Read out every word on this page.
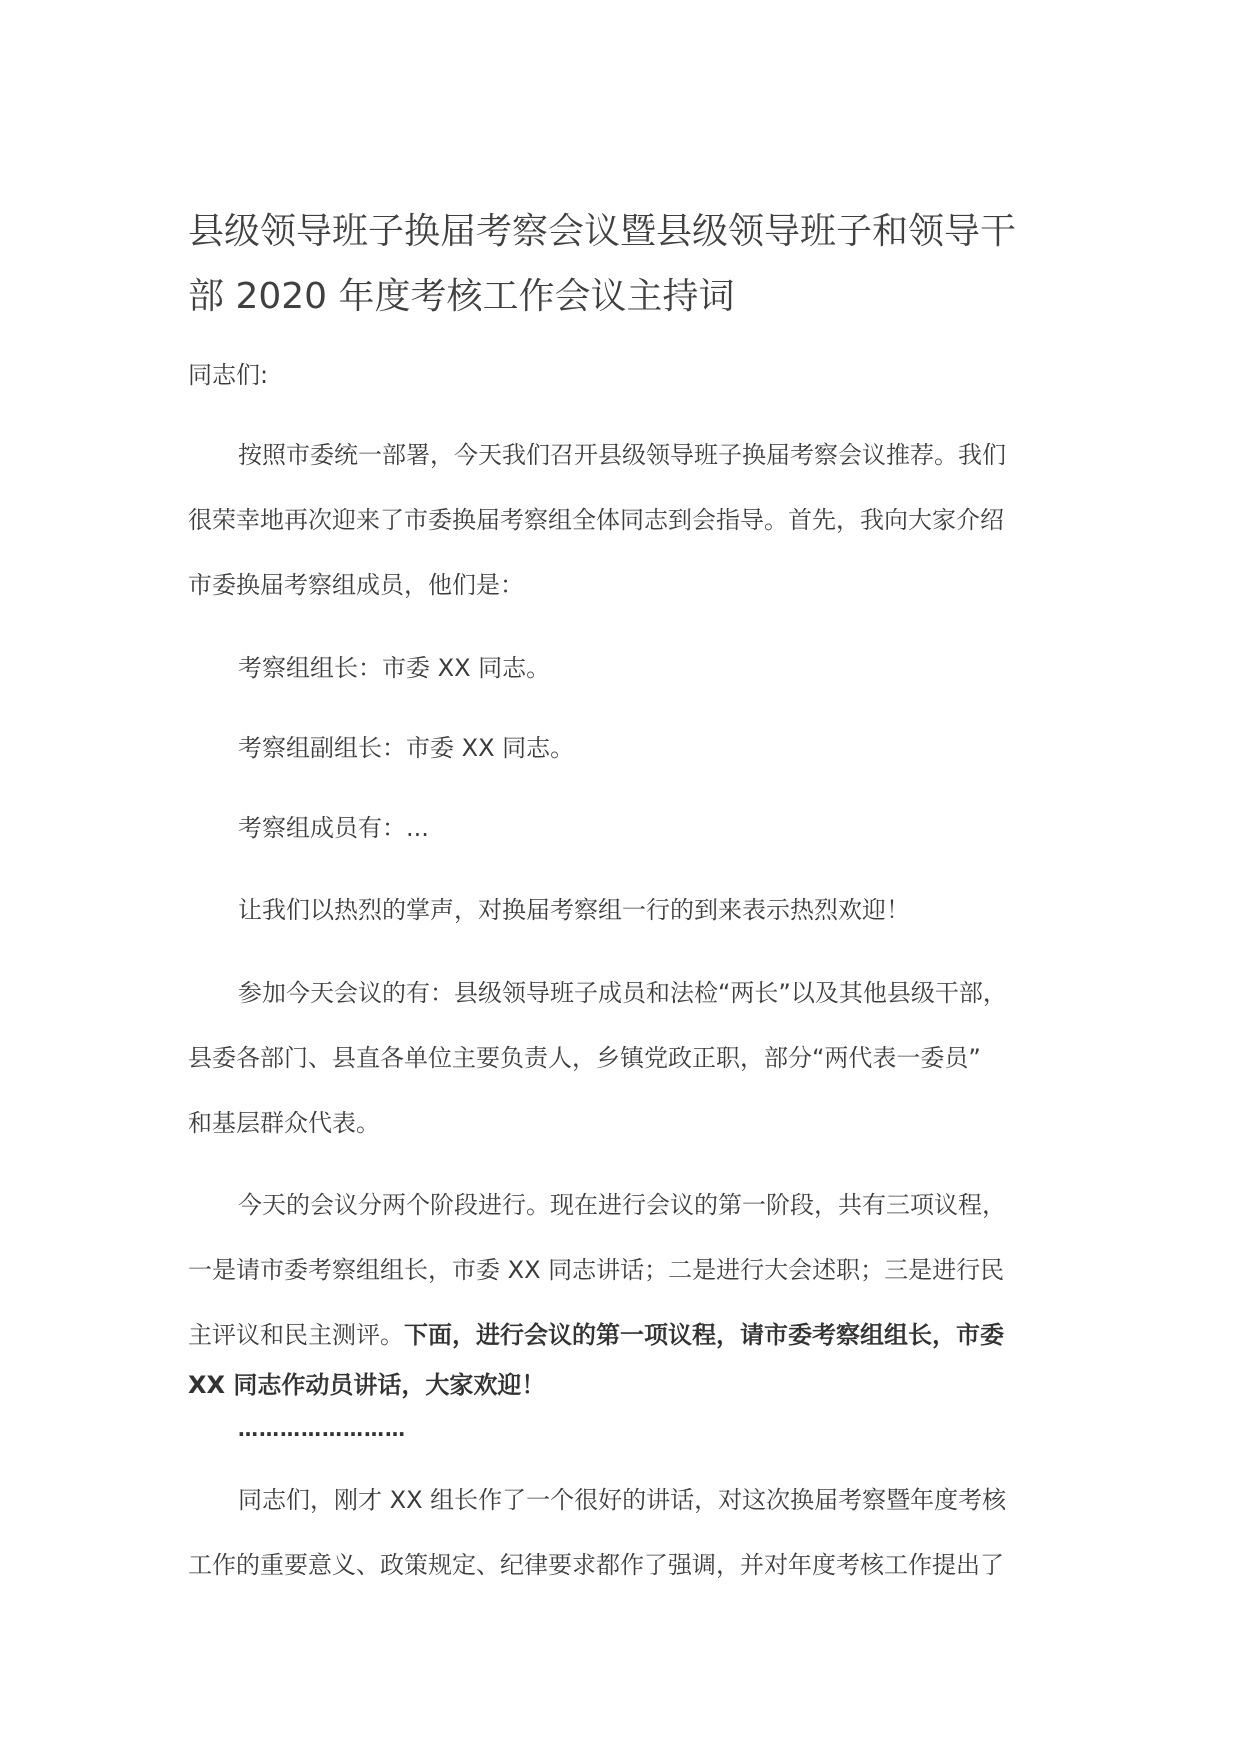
县级领导班子换届考察会议暨县级领导班子和领导干
部 2020 年度考核工作会议主持词
同志们:
按照市委统一部署，今天我们召开县级领导班子换届考察会议推荐。我们
很荣幸地再次迎来了市委换届考察组全体同志到会指导。首先，我向大家介绍
市委换届考察组成员，他们是：
考察组组长：市委 XX 同志。
考察组副组长：市委 XX 同志。
考察组成员有：...
让我们以热烈的掌声，对换届考察组一行的到来表示热烈欢迎！
参加今天会议的有：县级领导班子成员和法检“两长”以及其他县级干部，
县委各部门、县直各单位主要负责人，乡镇党政正职，部分“两代表一委员”
和基层群众代表。
今天的会议分两个阶段进行。现在进行会议的第一阶段，共有三项议程，
一是请市委考察组组长，市委 XX 同志讲话；二是进行大会述职；三是进行民
主评议和民主测评。下面，进行会议的第一项议程，请市委考察组组长，市委
XX 同志作动员讲话，大家欢迎！
……………………
同志们，刚才 XX 组长作了一个很好的讲话，对这次换届考察暨年度考核
工作的重要意义、政策规定、纪律要求都作了强调，并对年度考核工作提出了
